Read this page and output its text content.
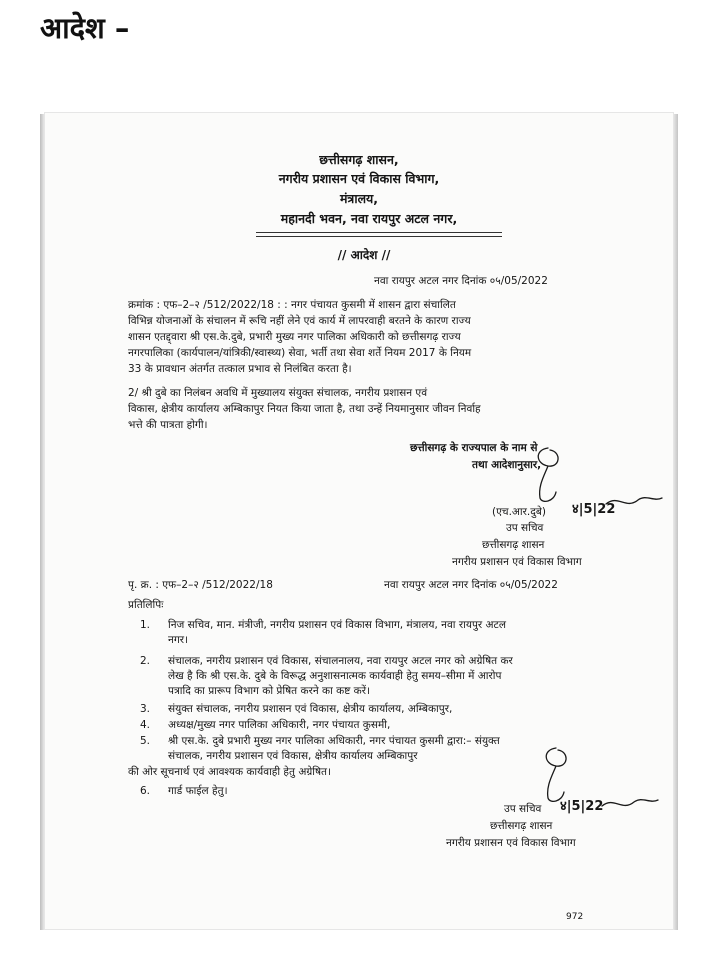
आदेश –
छत्तीसगढ़ शासन,
नगरीय प्रशासन एवं विकास विभाग,
मंत्रालय,
महानदी भवन, नवा रायपुर अटल नगर,
// आदेश //
नवा रायपुर अटल नगर दिनांक ०५/05/2022
क्रमांक : एफ–2–२ /512/2022/18 : : नगर पंचायत कुसमी में शासन द्वारा संचालित
विभिन्न योजनाओं के संचालन में रूचि नहीं लेने एवं कार्य में लापरवाही बरतने के कारण राज्य
शासन एतद्द्वारा श्री एस.के.दुबे, प्रभारी मुख्य नगर पालिका अधिकारी को छत्तीसगढ़ राज्य
नगरपालिका (कार्यपालन/यांत्रिकी/स्वास्थ्य) सेवा, भर्ती तथा सेवा शर्ते नियम 2017 के नियम
33 के प्रावधान अंतर्गत तत्काल प्रभाव से निलंबित करता है।
2/ श्री दुबे का निलंबन अवधि में मुख्यालय संयुक्त संचालक, नगरीय प्रशासन एवं
विकास, क्षेत्रीय कार्यालय अम्बिकापुर नियत किया जाता है, तथा उन्हें नियमानुसार जीवन निर्वाह
भत्ते की पात्रता होगी।
छत्तीसगढ़ के राज्यपाल के नाम से
तथा आदेशानुसार,
(एच.आर.दुबे) ४|5|22
उप सचिव
छत्तीसगढ़ शासन
नगरीय प्रशासन एवं विकास विभाग
पृ. क्र. : एफ–2–२ /512/2022/18	नवा रायपुर अटल नगर दिनांक ०५/05/2022
प्रतिलिपिः
1. निज सचिव, मान. मंत्रीजी, नगरीय प्रशासन एवं विकास विभाग, मंत्रालय, नवा रायपुर अटल
नगर।
2. संचालक, नगरीय प्रशासन एवं विकास, संचालनालय, नवा रायपुर अटल नगर को अग्रेषित कर
लेख है कि श्री एस.के. दुबे के विरूद्ध अनुशासनात्मक कार्यवाही हेतु समय–सीमा में आरोप
पत्रादि का प्रारूप विभाग को प्रेषित करने का कष्ट करें।
3. संयुक्त संचालक, नगरीय प्रशासन एवं विकास, क्षेत्रीय कार्यालय, अम्बिकापुर,
4. अध्यक्ष/मुख्य नगर पालिका अधिकारी, नगर पंचायत कुसमी,
5. श्री एस.के. दुबे प्रभारी मुख्य नगर पालिका अधिकारी, नगर पंचायत कुसमी द्वारा:– संयुक्त
संचालक, नगरीय प्रशासन एवं विकास, क्षेत्रीय कार्यालय अम्बिकापुर
की ओर सूचनार्थ एवं आवश्यक कार्यवाही हेतु अग्रेषित।
6. गार्ड फाईल हेतु।
उप सचिव ४|5|22
छत्तीसगढ़ शासन
नगरीय प्रशासन एवं विकास विभाग
972
